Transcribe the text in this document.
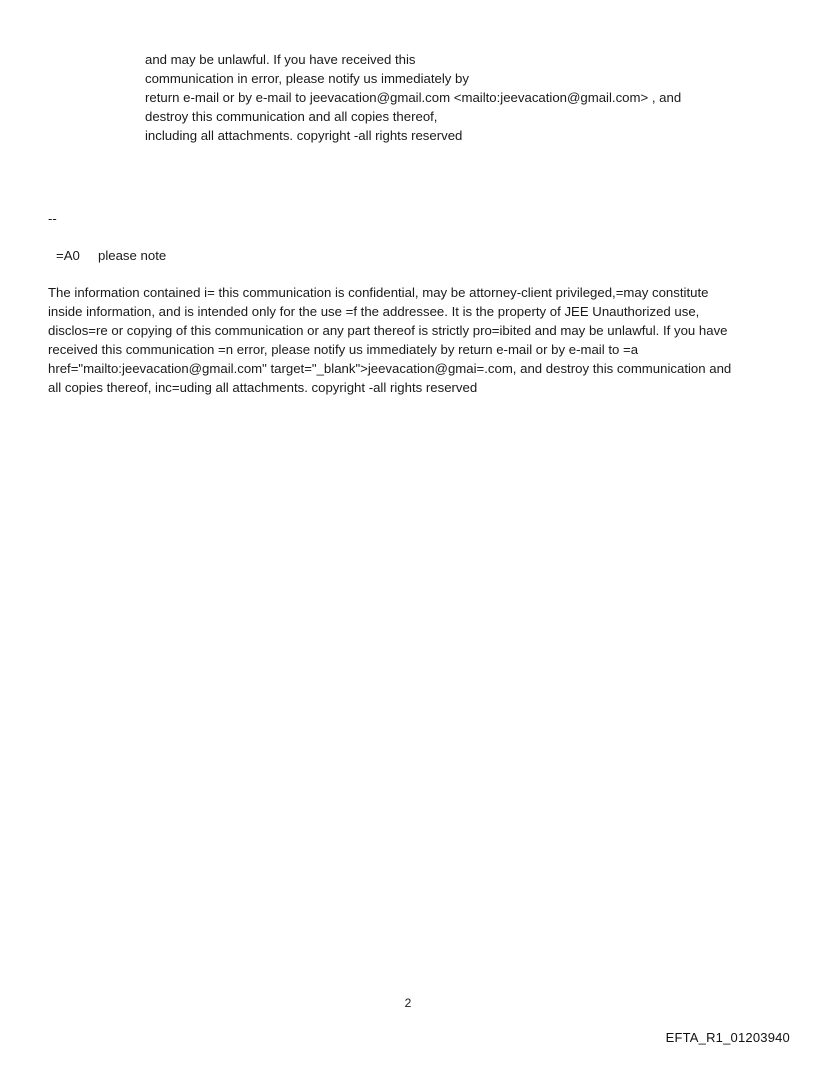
and may be unlawful. If you have received this
communication in error, please notify us immediately by
return e-mail or by e-mail to jeevacation@gmail.com <mailto:jeevacation@gmail.com> , and
destroy this communication and all copies thereof,
including all attachments. copyright -all rights reserved
--
=A0 please note
The information contained i= this communication is confidential, may be attorney-client privileged,=may constitute
inside information, and is intended only for the use =f the addressee. It is the property of JEE Unauthorized use,
disclos=re or copying of this communication or any part thereof is strictly pro=ibited and may be unlawful. If you have
received this communication =n error, please notify us immediately by return e-mail or by e-mail to =a
href="mailto:jeevacation@gmail.com" target="_blank">jeevacation@gmai=.com, and destroy this communication and
all copies thereof, inc=uding all attachments. copyright -all rights reserved
2
EFTA_R1_01203940
